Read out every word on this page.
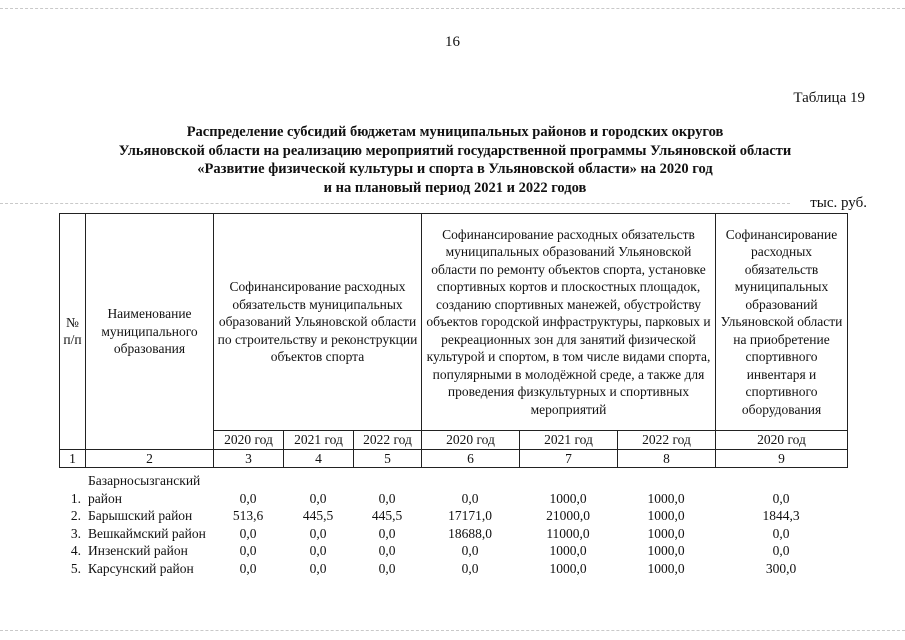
16
Таблица 19
Распределение субсидий бюджетам муниципальных районов и городских округов
Ульяновской области на реализацию мероприятий государственной программы Ульяновской области
«Развитие физической культуры и спорта в Ульяновской области» на 2020 год
и на плановый период 2021 и 2022 годов
тыс. руб.
№ п/п	Наименование муниципального образования	Софинансирование расходных обязательств муниципальных образований Ульяновской области по строительству и реконструкции объектов спорта			Софинансирование расходных обязательств муниципальных образований Ульяновской области по ремонту объектов спорта, установке спортивных кортов и плоскостных площадок, созданию спортивных манежей, обустройству объектов городской инфраструктуры, парковых и рекреационных зон для занятий физической культурой и спортом, в том числе видами спорта, популярными в молодёжной среде, а также для проведения физкультурных и спортивных мероприятий			Софинансирование расходных обязательств муниципальных образований Ульяновской области на приобретение спортивного инвентаря и спортивного оборудования
		2020 год	2021 год	2022 год	2020 год	2021 год	2022 год	2020 год
1	2	3	4	5	6	7	8	9
1.	Базарносызганский район	0,0	0,0	0,0	0,0	1000,0	1000,0	0,0
2.	Барышский район	513,6	445,5	445,5	17171,0	21000,0	1000,0	1844,3
3.	Вешкаймский район	0,0	0,0	0,0	18688,0	11000,0	1000,0	0,0
4.	Инзенский район	0,0	0,0	0,0	0,0	1000,0	1000,0	0,0
5.	Карсунский район	0,0	0,0	0,0	0,0	1000,0	1000,0	300,0
